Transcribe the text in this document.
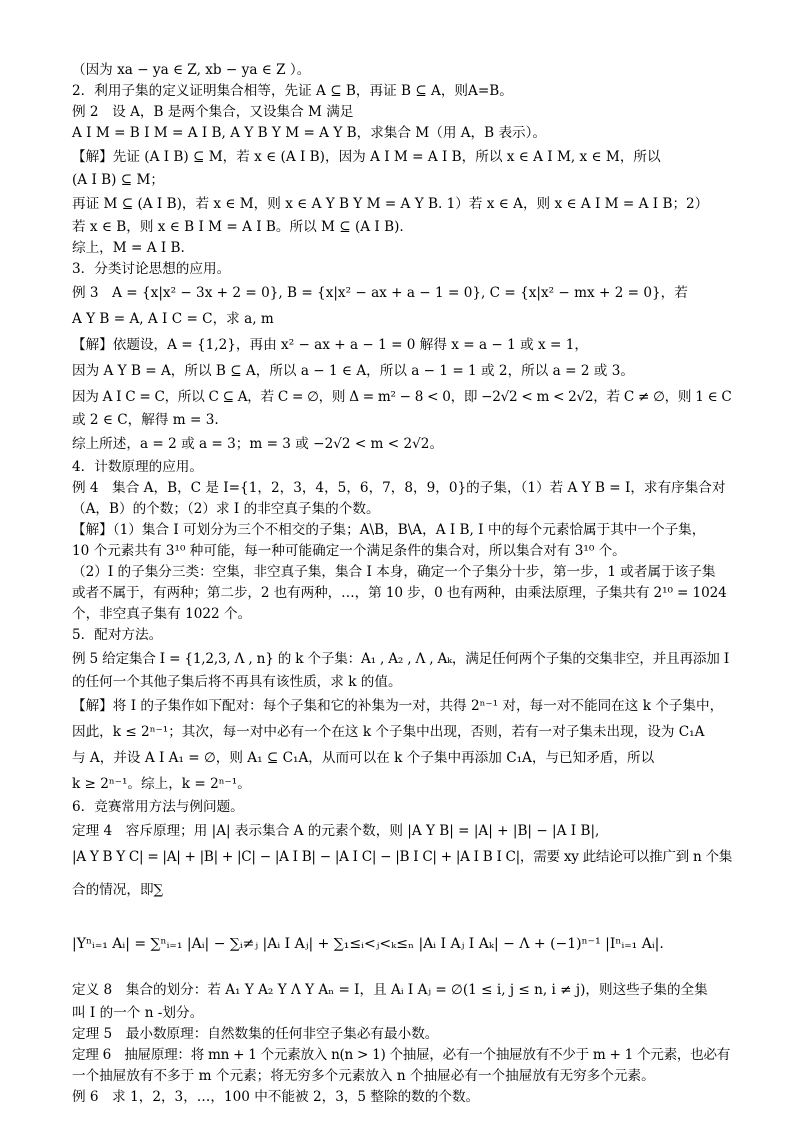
（因为 xa − ya ∈ Z, xb − ya ∈ Z ）。
2．利用子集的定义证明集合相等，先证 A ⊆ B，再证 B ⊆ A，则A=B。
例 2　设 A，B 是两个集合，又设集合 M 满足
A I M = B I M = A I B, A Y B Y M = A Y B，求集合 M（用 A，B 表示）。
【解】先证 (A I B) ⊆ M，若 x ∈ (A I B)，因为 A I M = A I B，所以 x ∈ A I M, x ∈ M，所以
(A I B) ⊆ M；
再证 M ⊆ (A I B)，若 x ∈ M，则 x ∈ A Y B Y M = A Y B. 1）若 x ∈ A，则 x ∈ A I M = A I B；2）
若 x ∈ B，则 x ∈ B I M = A I B。所以 M ⊆ (A I B).
综上，M = A I B.
3．分类讨论思想的应用。
例 3　A = {x|x² − 3x + 2 = 0}, B = {x|x² − ax + a − 1 = 0}, C = {x|x² − mx + 2 = 0}，若
A Y B = A, A I C = C，求 a, m
【解】依题设，A = {1,2}，再由 x² − ax + a − 1 = 0 解得 x = a − 1 或 x = 1，
因为 A Y B = A，所以 B ⊆ A，所以 a − 1 ∈ A，所以 a − 1 = 1 或 2，所以 a = 2 或 3。
因为 A I C = C，所以 C ⊆ A，若 C = ∅，则 Δ = m² − 8 < 0，即 −2√2 < m < 2√2，若 C ≠ ∅，则 1 ∈ C
或 2 ∈ C，解得 m = 3.
综上所述，a = 2 或 a = 3；m = 3 或 −2√2 < m < 2√2。
4．计数原理的应用。
例 4　集合 A，B，C 是 I={1，2，3，4，5，6，7，8，9，0}的子集，（1）若 A Y B = I，求有序集合对
（A，B）的个数；（2）求 I 的非空真子集的个数。
【解】（1）集合 I 可划分为三个不相交的子集；A\B，B\A，A I B, I 中的每个元素恰属于其中一个子集，
10 个元素共有 3¹⁰ 种可能，每一种可能确定一个满足条件的集合对，所以集合对有 3¹⁰ 个。
（2）I 的子集分三类：空集，非空真子集，集合 I 本身，确定一个子集分十步，第一步，1 或者属于该子集
或者不属于，有两种；第二步，2 也有两种，…，第 10 步，0 也有两种，由乘法原理，子集共有 2¹⁰ = 1024
个，非空真子集有 1022 个。
5．配对方法。
例 5 给定集合 I = {1,2,3, Λ , n} 的 k 个子集：A₁ , A₂ , Λ , Aₖ，满足任何两个子集的交集非空，并且再添加 I
的任何一个其他子集后将不再具有该性质，求 k 的值。
【解】将 I 的子集作如下配对：每个子集和它的补集为一对，共得 2ⁿ⁻¹ 对，每一对不能同在这 k 个子集中，
因此，k ≤ 2ⁿ⁻¹；其次，每一对中必有一个在这 k 个子集中出现，否则，若有一对子集未出现，设为 C₁A
与 A，并设 A I A₁ = ∅，则 A₁ ⊆ C₁A，从而可以在 k 个子集中再添加 C₁A，与已知矛盾，所以
k ≥ 2ⁿ⁻¹。综上，k = 2ⁿ⁻¹。
6．竞赛常用方法与例问题。
定理 4　容斥原理；用 |A| 表示集合 A 的元素个数，则 |A Y B| = |A| + |B| − |A I B|,
|A Y B Y C| = |A| + |B| + |C| − |A I B| − |A I C| − |B I C| + |A I B I C|，需要 xy 此结论可以推广到 n 个集
合的情况，即∑
|Yⁿᵢ₌₁ Aᵢ| = ∑ⁿᵢ₌₁ |Aᵢ| − ∑ᵢ≠ⱼ |Aᵢ I Aⱼ| + ∑₁≤ᵢ<ⱼ<ₖ≤ₙ |Aᵢ I Aⱼ I Aₖ| − Λ + (−1)ⁿ⁻¹ |Iⁿᵢ₌₁ Aᵢ|.
定义 8　集合的划分：若 A₁ Y A₂ Y Λ Y Aₙ = I，且 Aᵢ I Aⱼ = ∅(1 ≤ i, j ≤ n, i ≠ j)，则这些子集的全集
叫 I 的一个 n -划分。
定理 5　最小数原理：自然数集的任何非空子集必有最小数。
定理 6　抽屉原理：将 mn + 1 个元素放入 n(n > 1) 个抽屉，必有一个抽屉放有不少于 m + 1 个元素，也必有
一个抽屉放有不多于 m 个元素；将无穷多个元素放入 n 个抽屉必有一个抽屉放有无穷多个元素。
例 6　求 1，2，3，…，100 中不能被 2，3，5 整除的数的个数。
